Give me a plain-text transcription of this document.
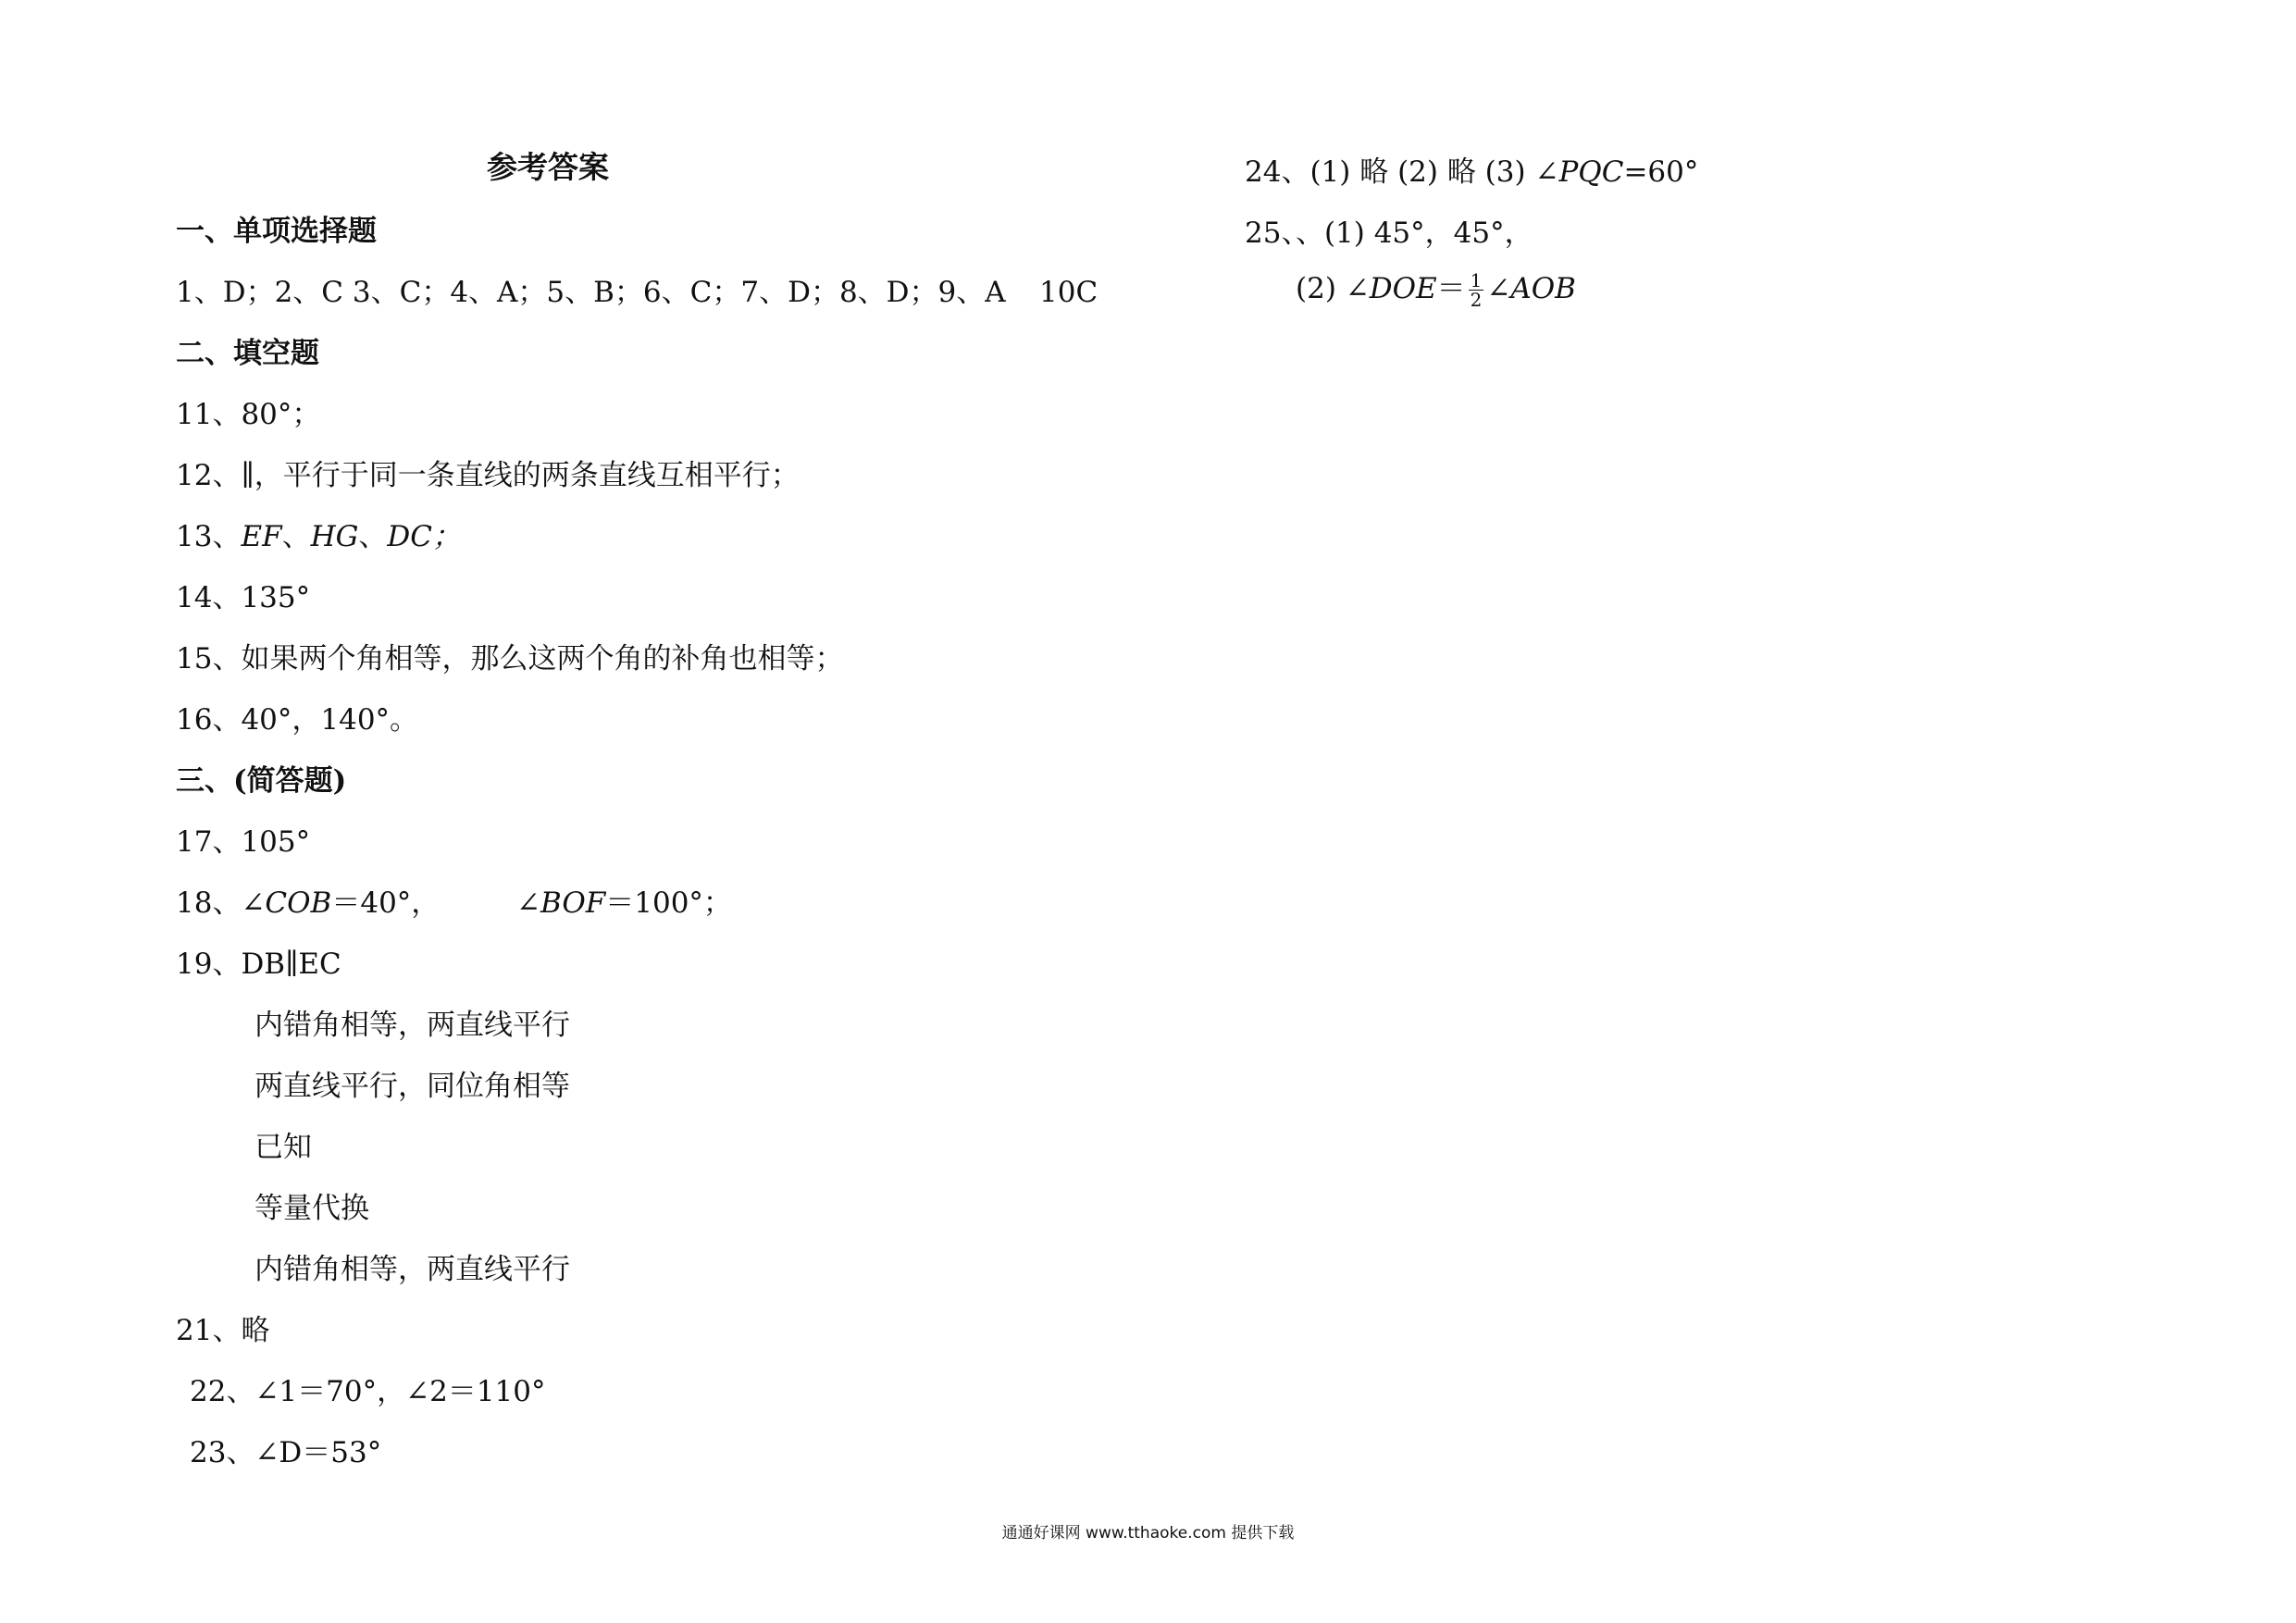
参考答案
一、单项选择题
1、D；2、C 3、C；4、A；5、B；6、C；7、D；8、D；9、A 10C
二、填空题
11、80°；
12、∥，平行于同一条直线的两条直线互相平行；
13、EF、HG、DC；
14、135°
15、如果两个角相等，那么这两个角的补角也相等；
16、40°，140°。
三、(简答题)
17、105°
18、∠COB＝40°，	∠BOF＝100°；
19、DB∥EC
内错角相等，两直线平行
两直线平行，同位角相等
已知
等量代换
内错角相等，两直线平行
21、略
22、∠1＝70°，∠2＝110°
23、∠D＝53°
24、(1) 略 (2) 略 (3) ∠PQC=60°
25、、(1) 45°，45°，
(2) ∠DOE＝ $\frac{1}{2}$ ∠AOB
通通好课网 www.tthaoke.com 提供下载
